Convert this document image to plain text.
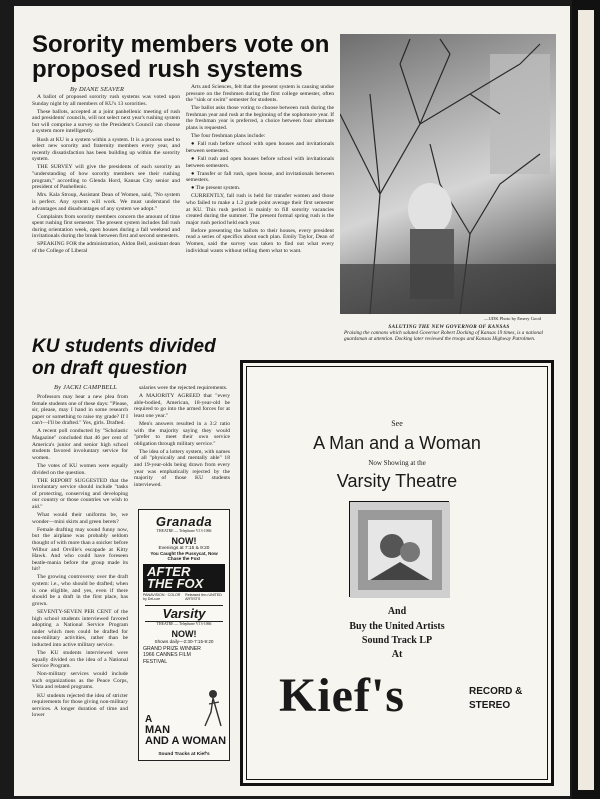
Sorority members vote on
proposed rush systems
By DIANE SEAVER

A ballot of proposed sorority rush systems was voted upon Sunday night by all members of KU's 13 sororities.

These ballots, accepted at a joint panhellenic meeting of rush and presidents' councils, will not select next year's rushing system but will comprise a survey so the President's Council can choose a system more intelligently.

Rush at KU is a system within a system. It is a process used to select new sorority and fraternity members every year, and recently dissatisfaction has been building up within the sorority system.

THE SURVEY will give the presidents of each sorority an "understanding of how sorority members see their rushing program," according to Glenda Hord, Kansas City senior and president of Panhellenic.

Mrs. Kala Stroup, Assistant Dean of Women, said, "No system is perfect. Any system will work. We must understand the advantages and disadvantages of any system we adopt."

Complaints from sorority members concern the amount of time spent rushing first semester. The present system includes fall rush during orientation week, open houses during a fall weekend and invitationals during the break between first and second semesters.

SPEAKING FOR the administration, Aldon Bell, assistant dean of the College of Liberal

Arts and Sciences, felt that the present system is causing undue pressure on the freshmen during the first college semester, often the "sink or swim" semester for students.

The ballot asks those voting to choose between rush during the freshman year and rush at the beginning of the sophomore year. If the freshman year is preferred, a choice between four alternate plans is requested.

The four freshman plans include:

● Fall rush before school with open houses and invitationals between semesters.

● Fall rush and open houses before school with invitationals between semesters.

● Transfer or fall rush, open house, and invitationals between semesters.

● The present system.

CURRENTLY, fall rush is held for transfer women and those who failed to make a 1.2 grade point average their first semester at KU. This rush period is mainly to fill sorority vacancies created during the summer. The present formal spring rush is the major rush period held each year.

Before presenting the ballots to their houses, every president read a series of specifics about each plan. Emily Taylor, Dean of Women, said the survey was taken to find out what every individual wants without telling them what to want.

—UDK Photo by Emery Good
SALUTING THE NEW GOVERNOR OF KANSAS
Praising the cannons which saluted Governor Robert Docking of Kansas 19 times, is a national guardsman at attention. Docking later reviewed the troops and Kansas Highway Patrolmen.
KU students divided
on draft question
By JACKI CAMPBELL

Professors may hear a new plea from female students one of these days: "Please, sir, please, may I hand in some research paper or something to raise my grade? If I can't—I'll be drafted." Yes, girls. Drafted.

A recent poll conducted by "Scholastic Magazine" concluded that 46 per cent of America's junior and senior high school students favored involuntary service for women.

The votes of KU women were equally divided on the question.

THE REPORT SUGGESTED that the involuntary service should include "tasks of protecting, conserving and developing our country or those countries we wish to aid."

What would their uniforms be, we wonder—mini skirts and green berets?

Female drafting may sound funny now, but the airplane was probably seldom thought of with more than a snicker before Wilbur and Orville's escapade at Kitty Hawk. And who could have foreseen beatle-mania before the group made its hit?

The growing controversy over the draft system: i.e., who should be drafted; when is one eligible, and yes, even if there should be a draft in the first place, has grown.

SEVENTY-SEVEN PER CENT of the high school students interviewed favored adopting a National Service Program under which men could be drafted for non-military activities, rather than be inducted into active military service.

The KU students interviewed were equally divided on the idea of a National Service Program.

Non-military services would include such organizations as the Peace Corps, Vista and related programs.

KU students rejected the idea of stricter requirements for those giving non-military services. A longer duration of time and lower

salaries were the rejected requirements.

A MAJORITY AGREED that "every able-bodied, American, 18-year-old be required to go into the armed forces for at least one year."

Men's answers resulted in a 3:2 ratio with the majority saying they would "prefer to meet their own service obligation through military service."

The idea of a lottery system, with names of all "physically and mentally able" 18 and 19-year-olds being drawn from every year was emphatically rejected by the majority of those KU students interviewed.

Granada
THEATRE — Telephone VI 3-1066
NOW!
Evenings at 7:15 & 9:20
You Caught the Pussycat, Now Chase the Fox!
AFTER
THE FOX
PANAVISION · COLOR by DeLuxe
Released thru UNITED ARTISTS
Varsity
THEATRE — Telephone VI 3-1066
NOW!
Shows daily—2:30-7:15-9:20
GRAND PRIZE WINNER
1966 CANNES FILM
FESTIVAL
A
MAN
AND A WOMAN
Sound Tracks at Kief's
See
A Man and a Woman
Now Showing at the
Varsity Theatre
And
Buy the United Artists
Sound Track LP
At
Kief's	RECORD &
STEREO
